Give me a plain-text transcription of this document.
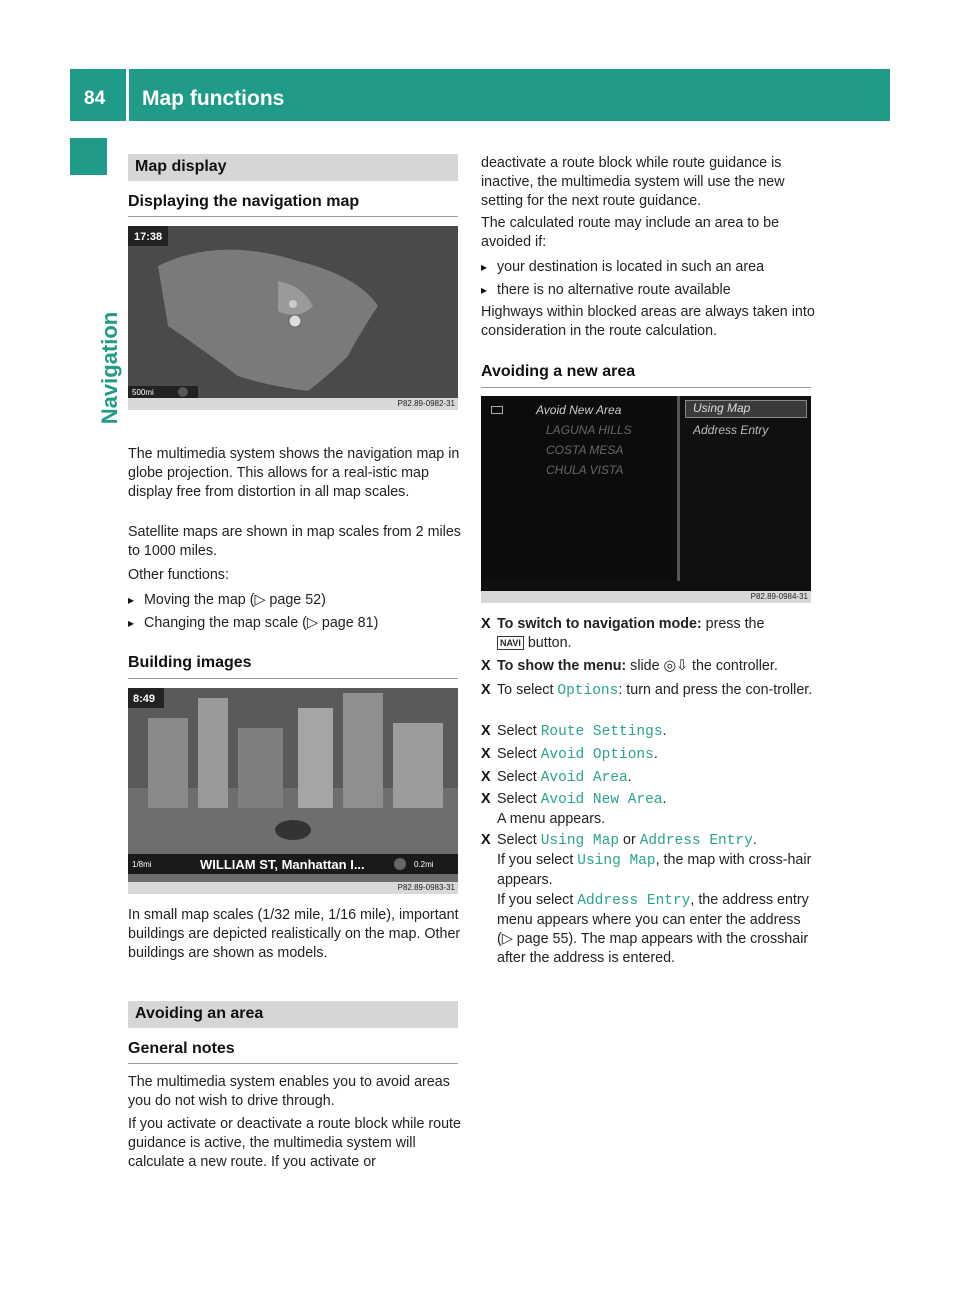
84 Map functions
Navigation
Map display
Displaying the navigation map
17:38
500mi
P82.89-0982-31
The multimedia system shows the navigation map in globe projection. This allows for a real-istic map display free from distortion in all map scales.
Satellite maps are shown in map scales from 2 miles to 1000 miles.
Other functions:
▸ Moving the map (▷ page 52)
▸ Changing the map scale (▷ page 81)
Building images
8:49
1/8mi	WILLIAM ST, Manhattan I...	0.2mi
P82.89-0983-31
In small map scales (1/32 mile, 1/16 mile), important buildings are depicted realistically on the map. Other buildings are shown as models.
Avoiding an area
General notes
The multimedia system enables you to avoid areas you do not wish to drive through.
If you activate or deactivate a route block while route guidance is active, the multimedia system will calculate a new route. If you activate or
deactivate a route block while route guidance is inactive, the multimedia system will use the new setting for the next route guidance.
The calculated route may include an area to be avoided if:
▸ your destination is located in such an area
▸ there is no alternative route available
Highways within blocked areas are always taken into consideration in the route calculation.
Avoiding a new area
Avoid New Area
LAGUNA HILLS
COSTA MESA
CHULA VISTA
Using Map
Address Entry
P82.89-0984-31
X To switch to navigation mode: press the
NAVI button.
X To show the menu: slide ◎⇩ the controller.
X To select Options: turn and press the con-troller.
X Select Route Settings.
X Select Avoid Options.
X Select Avoid Area.
X Select Avoid New Area.
A menu appears.
X Select Using Map or Address Entry.
If you select Using Map, the map with cross-hair appears.
If you select Address Entry, the address entry menu appears where you can enter the address (▷ page 55). The map appears with the crosshair after the address is entered.
